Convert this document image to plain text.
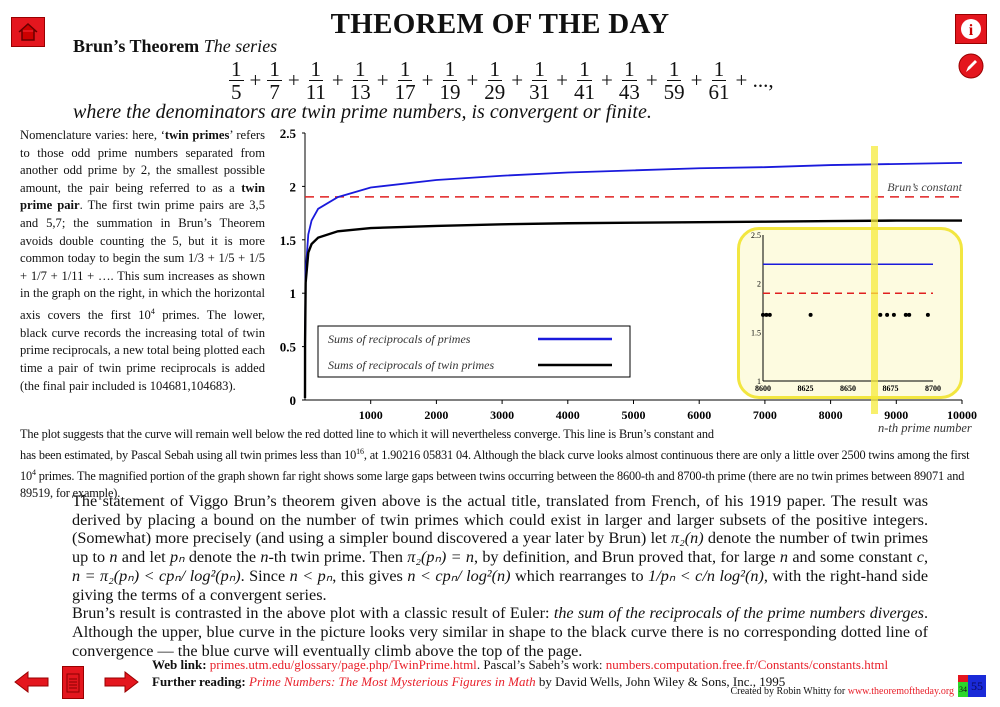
i
THEOREM OF THE DAY
Brun’s Theorem The series
$\frac{1}{5} + \frac{1}{7} + \frac{1}{11} + \frac{1}{13} + \frac{1}{17} + \frac{1}{19} + \frac{1}{29} + \frac{1}{31} + \frac{1}{41} + \frac{1}{43} + \frac{1}{59} + \frac{1}{61}$ + ...,
where the denominators are twin prime numbers, is convergent or finite.
Nomenclature varies: here, ‘twin primes’ refers to those odd prime numbers separated from another odd prime by 2, the smallest possible amount, the pair being referred to as a twin prime pair. The first twin prime pairs are 3,5 and 5,7; the summation in Brun’s Theorem avoids double counting the 5, but it is more common today to begin the sum 1/3 + 1/5 + 1/5 + 1/7 + 1/11 + …. This sum increases as shown in the graph on the right, in which the horizontal axis covers the first $10^4$ primes. The lower, black curve records the increasing total of twin prime reciprocals, a new total being plotted each time a pair of twin prime reciprocals is added (the final pair included is 104681,104683).
0
0.5
1
1.5
2
2.5
1000	2000	3000	4000	5000	6000	7000	8000	9000	10000
Brun’s constant
Sums of reciprocals of primes
Sums of reciprocals of twin primes
1
1.5
2
2.5
8600	8625	8650	8675	8700
n-th prime number
The plot suggests that the curve will remain well below the red dotted line to which it will nevertheless converge. This line is Brun’s constant and
has been estimated, by Pascal Sebah using all twin primes less than $10^{16}$, at 1.90216 05831 04. Although the black curve looks almost continuous there are only a little over 2500 twins among the first $10^4$ primes. The magnified portion of the graph shown far right shows some large gaps between twins occurring between the 8600-th and 8700-th prime (there are no twin primes between 89071 and 89519, for example).
The statement of Viggo Brun’s theorem given above is the actual title, translated from French, of his 1919 paper. The result was derived by placing a bound on the number of twin primes which could exist in larger and larger subsets of the positive integers. (Somewhat) more precisely (and using a simpler bound discovered a year later by Brun) let π₂(n) denote the number of twin primes up to n and let pₙ denote the n-th twin prime. Then π₂(pₙ) = n, by definition, and Brun proved that, for large n and some constant c, n = π₂(pₙ) < cpₙ/ log²(pₙ). Since n < pₙ, this gives n < cpₙ/ log²(n) which rearranges to 1/pₙ < c/n log²(n), with the right-hand side giving the terms of a convergent series.
Brun’s result is contrasted in the above plot with a classic result of Euler: the sum of the reciprocals of the prime numbers diverges. Although the upper, blue curve in the picture looks very similar in shape to the black curve there is no corresponding dotted line of convergence — the blue curve will eventually climb above the top of the page.
Web link: primes.utm.edu/glossary/page.php/TwinPrime.html. Pascal’s Sabeh’s work: numbers.computation.free.fr/Constants/constants.html
Further reading: Prime Numbers: The Most Mysterious Figures in Math by David Wells, John Wiley & Sons, Inc., 1995
Created by Robin Whitty for www.theoremoftheday.org 34 55
